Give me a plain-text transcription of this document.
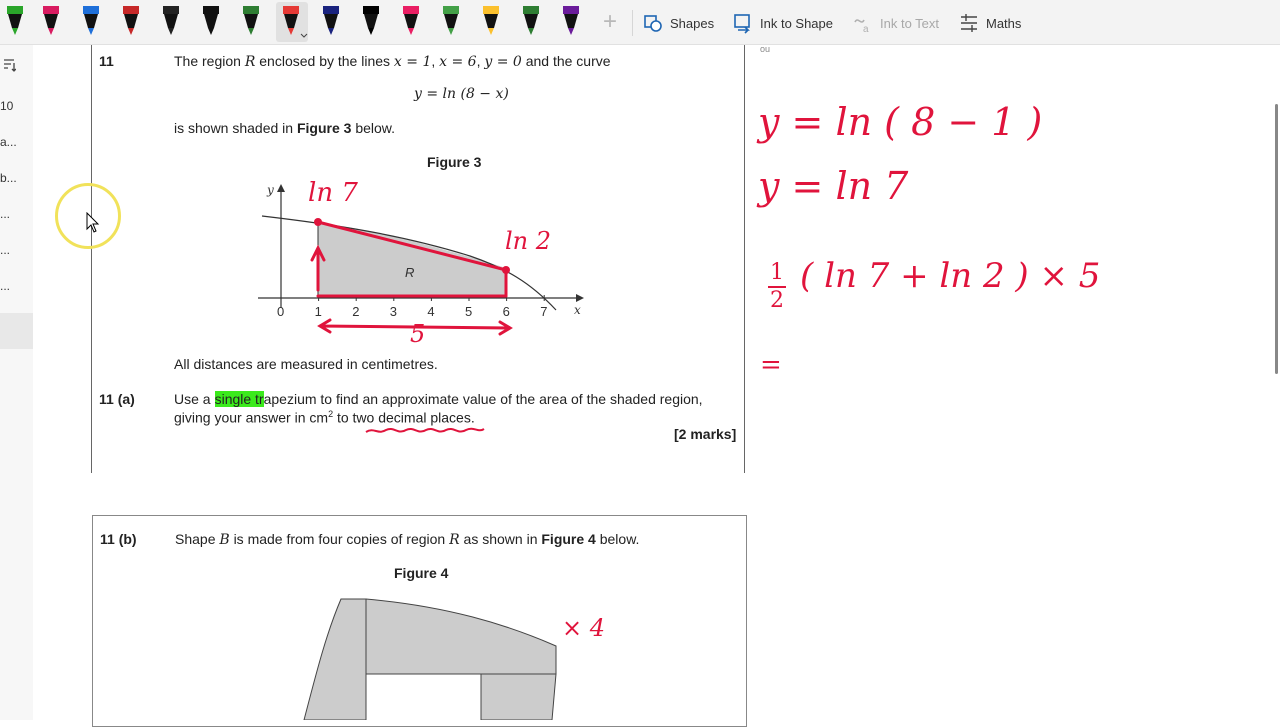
+	Shapes	Ink to Shape	a Ink to Text	Maths
10
a...
b...
...
...
...
11	The region R enclosed by the lines x = 1, x = 6, y = 0 and the curve
y = ln (8 − x)
is shown shaded in Figure 3 below.
Figure 3
y
x
R
0 1 2 3 4 5 6 7
ln 7
ln 2
5
All distances are measured in centimetres.
11 (a)	Use a single trapezium to find an approximate value of the area of the shaded region,
giving your answer in $cm^2$ to two decimal places.
[2 marks]
ou
y = ln ( 8 − 1 )
y = ln 7
1
2
( ln 7 + ln 2 ) × 5
=
11 (b)	Shape B is made from four copies of region R as shown in Figure 4 below.
Figure 4
× 4
